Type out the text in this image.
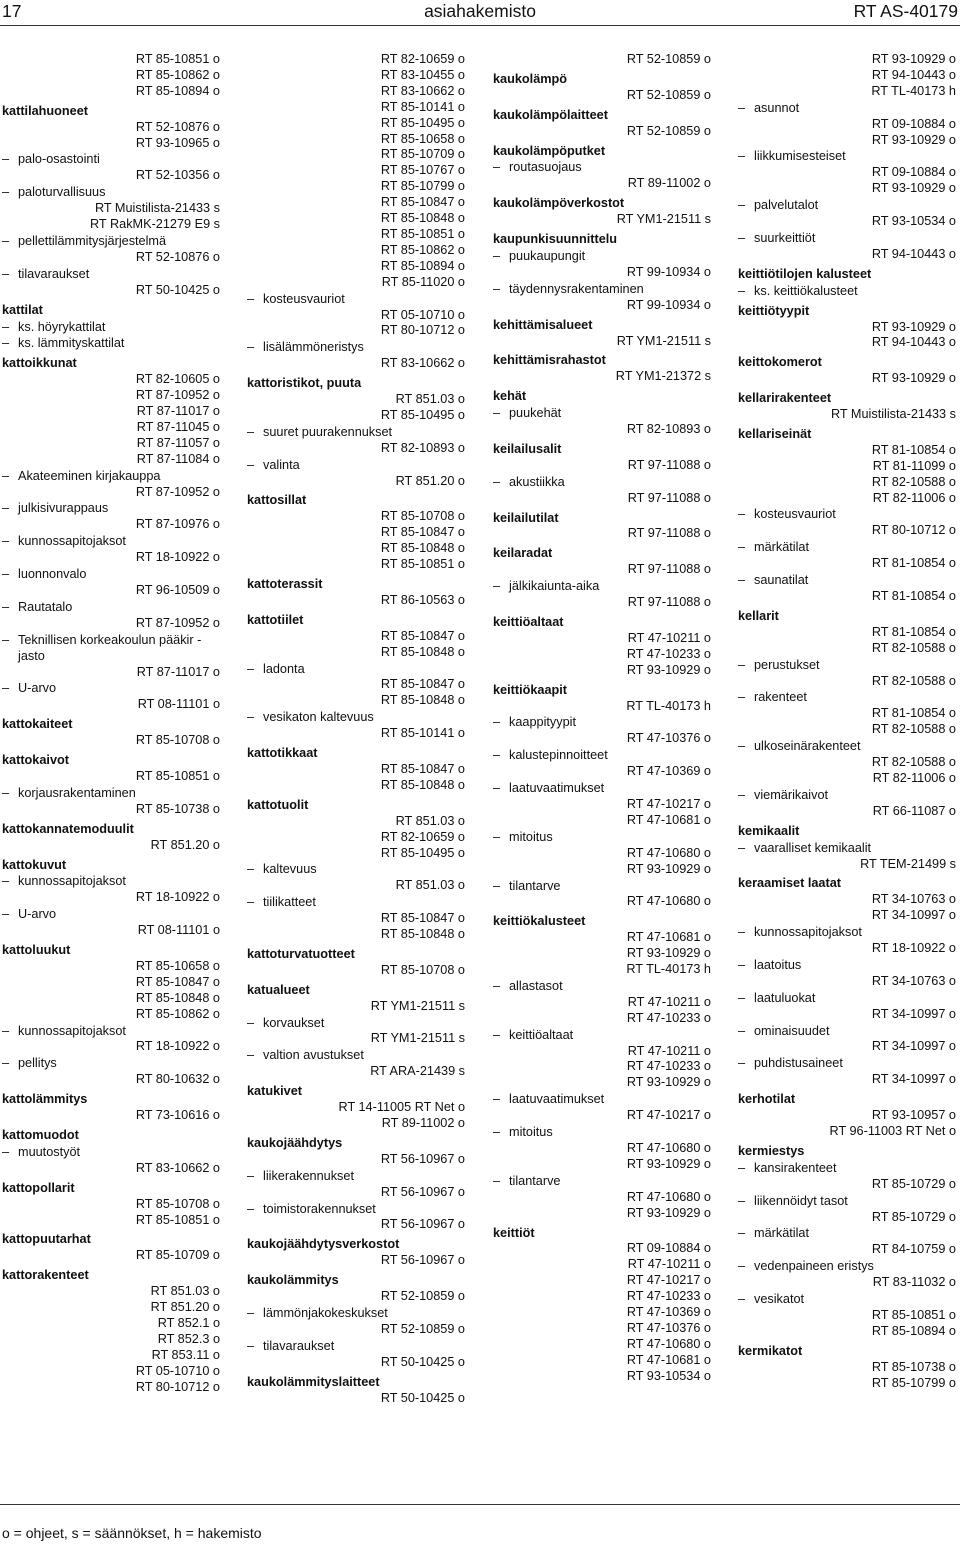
17	asiahakemisto	RT AS-40179
RT 85-10851 o
RT 85-10862 o
RT 85-10894 o
kattilahuoneet
RT 52-10876 o
RT 93-10965 o
– palo-osastointi
RT 52-10356 o
– paloturvallisuus
RT Muistilista-21433 s
RT RakMK-21279 E9 s
– pellettilämmitysjärjestelmä
RT 52-10876 o
– tilavaraukset
RT 50-10425 o
kattilat
– ks. höyrykattilat
– ks. lämmityskattilat
kattoikkunat
RT 82-10605 o
RT 87-10952 o
RT 87-11017 o
RT 87-11045 o
RT 87-11057 o
RT 87-11084 o
– Akateeminen kirjakauppa
RT 87-10952 o
– julkisivurappaus
RT 87-10976 o
– kunnossapitojaksot
RT 18-10922 o
– luonnonvalo
RT 96-10509 o
– Rautatalo
RT 87-10952 o
– Teknillisen korkeakoulun pääkir -
jasto
RT 87-11017 o
– U-arvo
RT 08-11101 o
kattokaiteet
RT 85-10708 o
kattokaivot
RT 85-10851 o
– korjausrakentaminen
RT 85-10738 o
kattokannatemoduulit
RT 851.20 o
kattokuvut
– kunnossapitojaksot
RT 18-10922 o
– U-arvo
RT 08-11101 o
kattoluukut
RT 85-10658 o
RT 85-10847 o
RT 85-10848 o
RT 85-10862 o
– kunnossapitojaksot
RT 18-10922 o
– pellitys
RT 80-10632 o
kattolämmitys
RT 73-10616 o
kattomuodot
– muutostyöt
RT 83-10662 o
kattopollarit
RT 85-10708 o
RT 85-10851 o
kattopuutarhat
RT 85-10709 o
kattorakenteet
RT 851.03 o
RT 851.20 o
RT 852.1 o
RT 852.3 o
RT 853.11 o
RT 05-10710 o
RT 80-10712 o
RT 82-10659 o
RT 83-10455 o
RT 83-10662 o
RT 85-10141 o
RT 85-10495 o
RT 85-10658 o
RT 85-10709 o
RT 85-10767 o
RT 85-10799 o
RT 85-10847 o
RT 85-10848 o
RT 85-10851 o
RT 85-10862 o
RT 85-10894 o
RT 85-11020 o
– kosteusvauriot
RT 05-10710 o
RT 80-10712 o
– lisälämmöneristys
RT 83-10662 o
kattoristikot, puuta
RT 851.03 o
RT 85-10495 o
– suuret puurakennukset
RT 82-10893 o
– valinta
RT 851.20 o
kattosillat
RT 85-10708 o
RT 85-10847 o
RT 85-10848 o
RT 85-10851 o
kattoterassit
RT 86-10563 o
kattotiilet
RT 85-10847 o
RT 85-10848 o
– ladonta
RT 85-10847 o
RT 85-10848 o
– vesikaton kaltevuus
RT 85-10141 o
kattotikkaat
RT 85-10847 o
RT 85-10848 o
kattotuolit
RT 851.03 o
RT 82-10659 o
RT 85-10495 o
– kaltevuus
RT 851.03 o
– tiilikatteet
RT 85-10847 o
RT 85-10848 o
kattoturvatuotteet
RT 85-10708 o
katualueet
RT YM1-21511 s
– korvaukset
RT YM1-21511 s
– valtion avustukset
RT ARA-21439 s
katukivet
RT 14-11005 RT Net o
RT 89-11002 o
kaukojäähdytys
RT 56-10967 o
– liikerakennukset
RT 56-10967 o
– toimistorakennukset
RT 56-10967 o
kaukojäähdytysverkostot
RT 56-10967 o
kaukolämmitys
RT 52-10859 o
– lämmönjakokeskukset
RT 52-10859 o
– tilavaraukset
RT 50-10425 o
kaukolämmityslaitteet
RT 50-10425 o
RT 52-10859 o
kaukolämpö
RT 52-10859 o
kaukolämpölaitteet
RT 52-10859 o
kaukolämpöputket
– routasuojaus
RT 89-11002 o
kaukolämpöverkostot
RT YM1-21511 s
kaupunkisuunnittelu
– puukaupungit
RT 99-10934 o
– täydennysrakentaminen
RT 99-10934 o
kehittämisalueet
RT YM1-21511 s
kehittämisrahastot
RT YM1-21372 s
kehät
– puukehät
RT 82-10893 o
keilailusalit
RT 97-11088 o
– akustiikka
RT 97-11088 o
keilailutilat
RT 97-11088 o
keilaradat
RT 97-11088 o
– jälkikaiunta-aika
RT 97-11088 o
keittiöaltaat
RT 47-10211 o
RT 47-10233 o
RT 93-10929 o
keittiökaapit
RT TL-40173 h
– kaappityypit
RT 47-10376 o
– kalustepinnoitteet
RT 47-10369 o
– laatuvaatimukset
RT 47-10217 o
RT 47-10681 o
– mitoitus
RT 47-10680 o
RT 93-10929 o
– tilantarve
RT 47-10680 o
keittiökalusteet
RT 47-10681 o
RT 93-10929 o
RT TL-40173 h
– allastasot
RT 47-10211 o
RT 47-10233 o
– keittiöaltaat
RT 47-10211 o
RT 47-10233 o
RT 93-10929 o
– laatuvaatimukset
RT 47-10217 o
– mitoitus
RT 47-10680 o
RT 93-10929 o
– tilantarve
RT 47-10680 o
RT 93-10929 o
keittiöt
RT 09-10884 o
RT 47-10211 o
RT 47-10217 o
RT 47-10233 o
RT 47-10369 o
RT 47-10376 o
RT 47-10680 o
RT 47-10681 o
RT 93-10534 o
RT 93-10929 o
RT 94-10443 o
RT TL-40173 h
– asunnot
RT 09-10884 o
RT 93-10929 o
– liikkumisesteiset
RT 09-10884 o
RT 93-10929 o
– palvelutalot
RT 93-10534 o
– suurkeittiöt
RT 94-10443 o
keittiötilojen kalusteet
– ks. keittiökalusteet
keittiötyypit
RT 93-10929 o
RT 94-10443 o
keittokomerot
RT 93-10929 o
kellarirakenteet
RT Muistilista-21433 s
kellariseinät
RT 81-10854 o
RT 81-11099 o
RT 82-10588 o
RT 82-11006 o
– kosteusvauriot
RT 80-10712 o
– märkätilat
RT 81-10854 o
– saunatilat
RT 81-10854 o
kellarit
RT 81-10854 o
RT 82-10588 o
– perustukset
RT 82-10588 o
– rakenteet
RT 81-10854 o
RT 82-10588 o
– ulkoseinärakenteet
RT 82-10588 o
RT 82-11006 o
– viemärikaivot
RT 66-11087 o
kemikaalit
– vaaralliset kemikaalit
RT TEM-21499 s
keraamiset laatat
RT 34-10763 o
RT 34-10997 o
– kunnossapitojaksot
RT 18-10922 o
– laatoitus
RT 34-10763 o
– laatuluokat
RT 34-10997 o
– ominaisuudet
RT 34-10997 o
– puhdistusaineet
RT 34-10997 o
kerhotilat
RT 93-10957 o
RT 96-11003 RT Net o
kermiestys
– kansirakenteet
RT 85-10729 o
– liikennöidyt tasot
RT 85-10729 o
– märkätilat
RT 84-10759 o
– vedenpaineen eristys
RT 83-11032 o
– vesikatot
RT 85-10851 o
RT 85-10894 o
kermikatot
RT 85-10738 o
RT 85-10799 o
o = ohjeet, s = säännökset, h = hakemisto
